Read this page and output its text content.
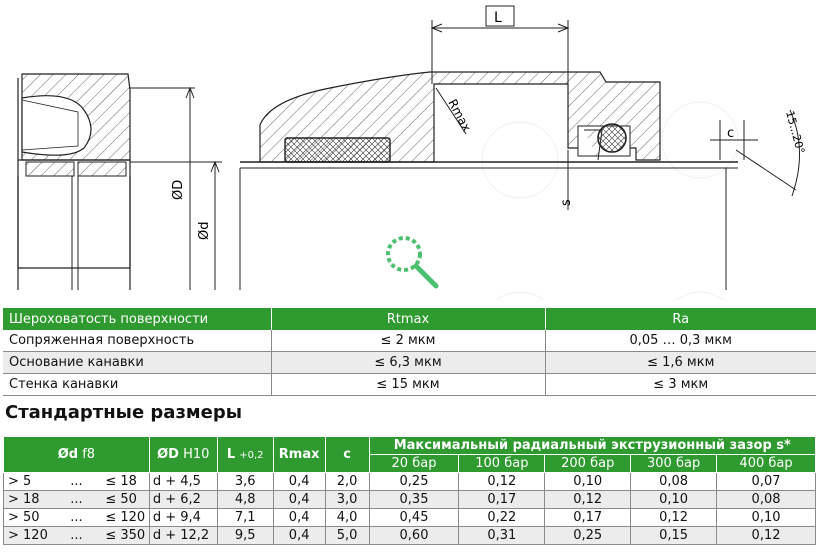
ØD
Ød
L
Rmax	c
s
15...20°
Шероховатость поверхности	Rtmax	Ra
Сопряженная поверхность	≤ 2 мкм	0,05 … 0,3 мкм
Основание канавки	≤ 6,3 мкм	≤ 1,6 мкм
Стенка канавки	≤ 15 мкм	≤ 3 мкм
Стандартные размеры
Ød f8			ØD H10	L +0,2	Rmax	c	Максимальный радиальный экструзионный зазор s*				
							20 бар	100 бар	200 бар	300 бар	400 бар
> 5	...	≤ 18	d + 4,5	3,6	0,4	2,0	0,25	0,12	0,10	0,08	0,07
> 18	...	≤ 50	d + 6,2	4,8	0,4	3,0	0,35	0,17	0,12	0,10	0,08
> 50	...	≤ 120	d + 9,4	7,1	0,4	4,0	0,45	0,22	0,17	0,12	0,10
> 120	...	≤ 350	d + 12,2	9,5	0,4	5,0	0,60	0,31	0,25	0,15	0,12
